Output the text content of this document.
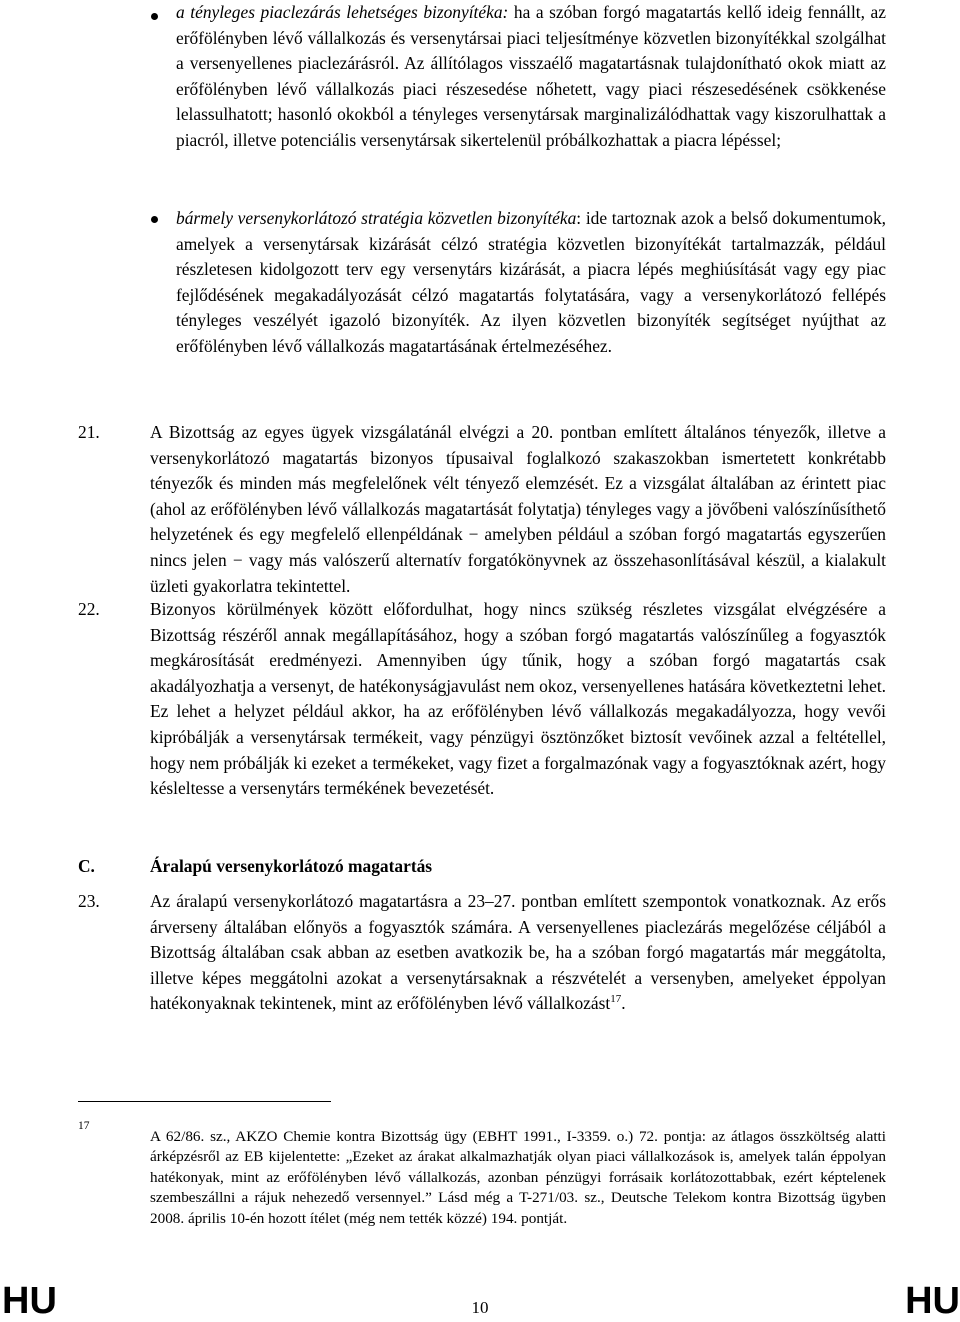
a tényleges piaclezárás lehetséges bizonyítéka: ha a szóban forgó magatartás kellő ideig fennállt, az erőfölényben lévő vállalkozás és versenytársai piaci teljesítménye közvetlen bizonyítékkal szolgálhat a versenyellenes piaclezárásról. Az állítólagos visszaélő magatartásnak tulajdonítható okok miatt az erőfölényben lévő vállalkozás piaci részesedése nőhetett, vagy piaci részesedésének csökkenése lelassulhatott; hasonló okokból a tényleges versenytársak marginalizálódhattak vagy kiszorulhattak a piacról, illetve potenciális versenytársak sikertelenül próbálkozhattak a piacra lépéssel;
bármely versenykorlátozó stratégia közvetlen bizonyítéka: ide tartoznak azok a belső dokumentumok, amelyek a versenytársak kizárását célzó stratégia közvetlen bizonyítékát tartalmazzák, például részletesen kidolgozott terv egy versenytárs kizárását, a piacra lépés meghiúsítását vagy egy piac fejlődésének megakadályozását célzó magatartás folytatására, vagy a versenykorlátozó fellépés tényleges veszélyét igazoló bizonyíték. Az ilyen közvetlen bizonyíték segítséget nyújthat az erőfölényben lévő vállalkozás magatartásának értelmezéséhez.
21.	A Bizottság az egyes ügyek vizsgálatánál elvégzi a 20. pontban említett általános tényezők, illetve a versenykorlátozó magatartás bizonyos típusaival foglalkozó szakaszokban ismertetett konkrétabb tényezők és minden más megfelelőnek vélt tényező elemzését. Ez a vizsgálat általában az érintett piac (ahol az erőfölényben lévő vállalkozás magatartását folytatja) tényleges vagy a jövőbeni valószínűsíthető helyzetének és egy megfelelő ellenpéldának − amelyben például a szóban forgó magatartás egyszerűen nincs jelen − vagy más valószerű alternatív forgatókönyvnek az összehasonlításával készül, a kialakult üzleti gyakorlatra tekintettel.
22.	Bizonyos körülmények között előfordulhat, hogy nincs szükség részletes vizsgálat elvégzésére a Bizottság részéről annak megállapításához, hogy a szóban forgó magatartás valószínűleg a fogyasztók megkárosítását eredményezi. Amennyiben úgy tűnik, hogy a szóban forgó magatartás csak akadályozhatja a versenyt, de hatékonyságjavulást nem okoz, versenyellenes hatására következtetni lehet. Ez lehet a helyzet például akkor, ha az erőfölényben lévő vállalkozás megakadályozza, hogy vevői kipróbálják a versenytársak termékeit, vagy pénzügyi ösztönzőket biztosít vevőinek azzal a feltétellel, hogy nem próbálják ki ezeket a termékeket, vagy fizet a forgalmazónak vagy a fogyasztóknak azért, hogy késleltesse a versenytárs termékének bevezetését.
C.	Áralapú versenykorlátozó magatartás
23.	Az áralapú versenykorlátozó magatartásra a 23–27. pontban említett szempontok vonatkoznak. Az erős árverseny általában előnyös a fogyasztók számára. A versenyellenes piaclezárás megelőzése céljából a Bizottság általában csak abban az esetben avatkozik be, ha a szóban forgó magatartás már meggátolta, illetve képes meggátolni azokat a versenytársaknak a részvételét a versenyben, amelyeket éppolyan hatékonyaknak tekintenek, mint az erőfölényben lévő vállalkozást$^{17}$.
17
A 62/86. sz., AKZO Chemie kontra Bizottság ügy (EBHT 1991., I-3359. o.) 72. pontja: az átlagos összköltség alatti árképzésről az EB kijelentette: „Ezeket az árakat alkalmazhatják olyan piaci vállalkozások is, amelyek talán éppolyan hatékonyak, mint az erőfölényben lévő vállalkozás, azonban pénzügyi forrásaik korlátozottabbak, ezért képtelenek szembeszállni a rájuk nehezedő versennyel.” Lásd még a T-271/03. sz., Deutsche Telekom kontra Bizottság ügyben 2008. április 10-én hozott ítélet (még nem tették közzé) 194. pontját.
HU	10	HU
